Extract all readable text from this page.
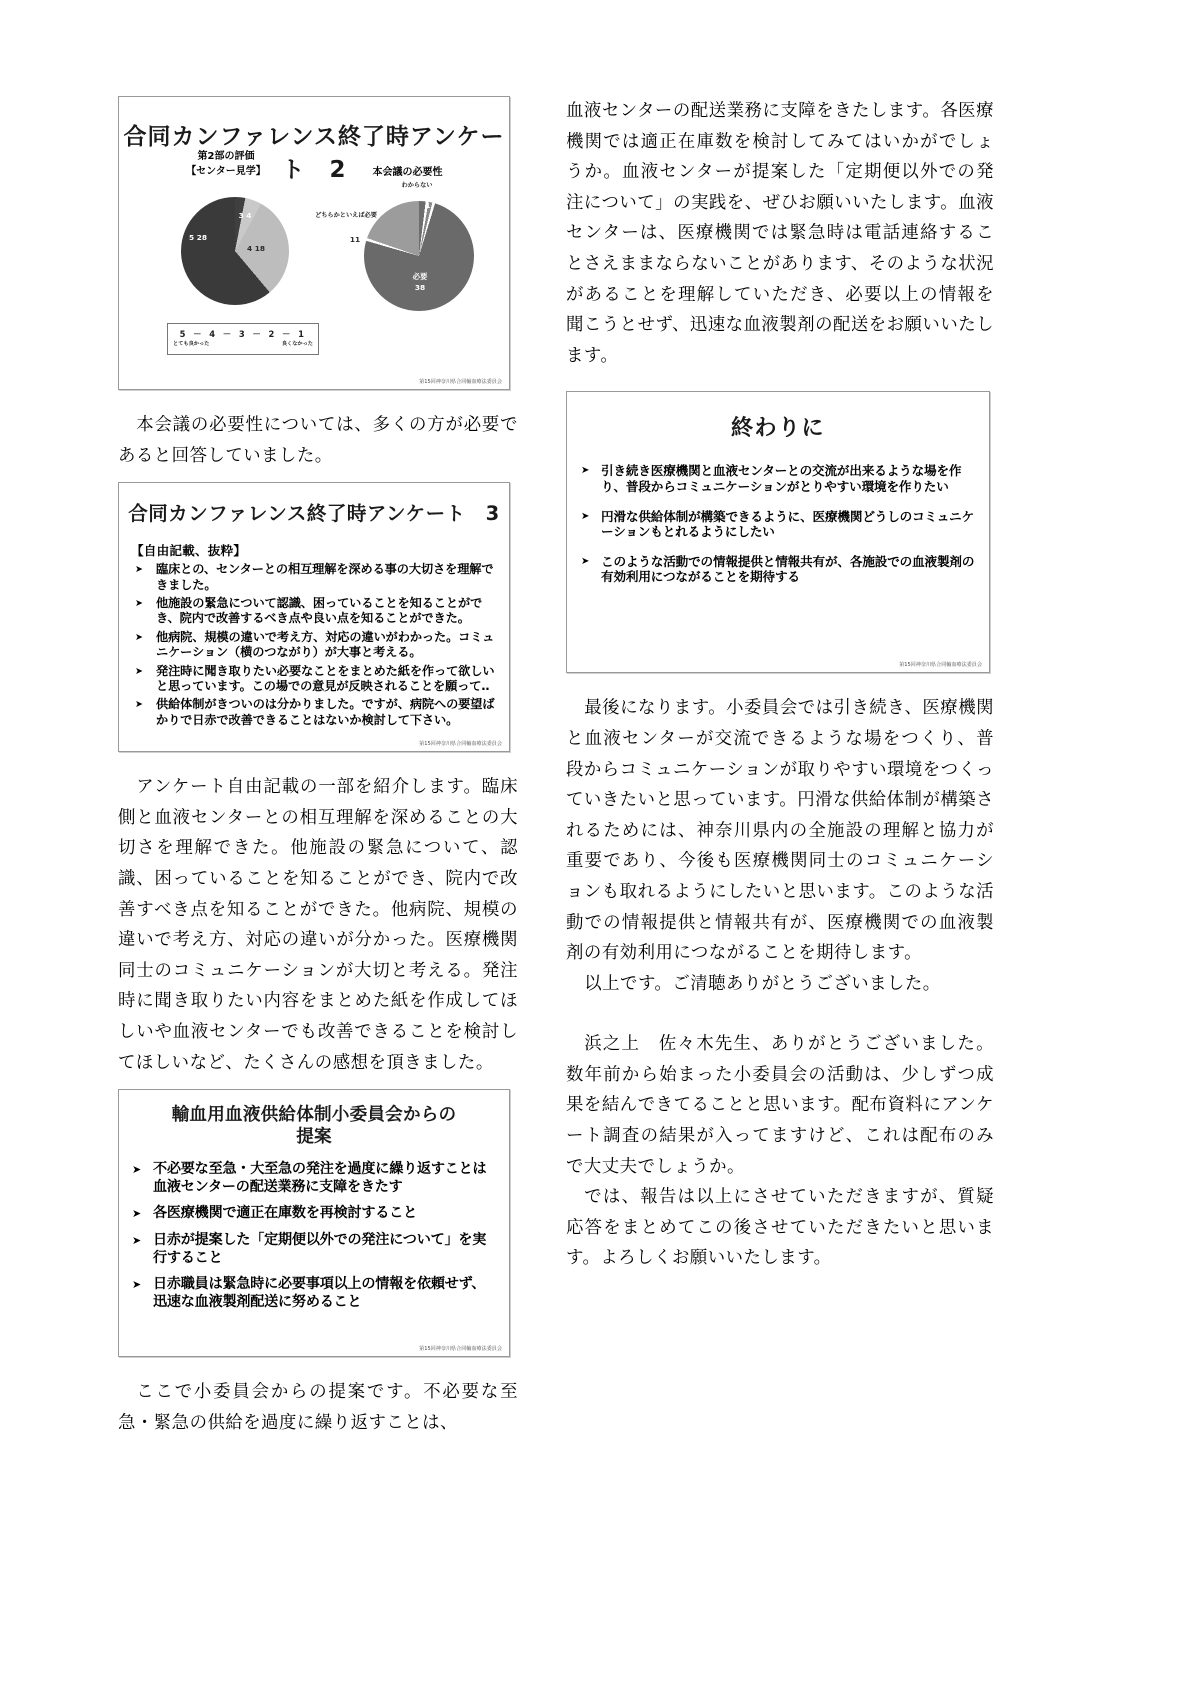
合同カンファレンス終了時アンケート　2
第2部の評価
【センター見学】	本会議の必要性
5 28
4 18
3 4
わからない
1
どちらかといえば必要
11
必要
38
5 － 4 － 3 － 2 － 1
とても良かった	良くなかった
第15回神奈川県合同輸血療法委員会

本会議の必要性については、多くの方が必要であると回答していました。

合同カンファレンス終了時アンケート　3
【自由記載、抜粋】
➤ 臨床との、センターとの相互理解を深める事の大切さを理解できました。
➤ 他施設の緊急について認識、困っていることを知ることができ、院内で改善するべき点や良い点を知ることができた。
➤ 他病院、規模の違いで考え方、対応の違いがわかった。コミュニケーション（横のつながり）が大事と考える。
➤ 発注時に聞き取りたい必要なことをまとめた紙を作って欲しいと思っています。この場での意見が反映されることを願って‥
➤ 供給体制がきついのは分かりました。ですが、病院への要望ばかりで日赤で改善できることはないか検討して下さい。
第15回神奈川県合同輸血療法委員会

アンケート自由記載の一部を紹介します。臨床側と血液センターとの相互理解を深めることの大切さを理解できた。他施設の緊急について、認識、困っていることを知ることができ、院内で改善すべき点を知ることができた。他病院、規模の違いで考え方、対応の違いが分かった。医療機関同士のコミュニケーションが大切と考える。発注時に聞き取りたい内容をまとめた紙を作成してほしいや血液センターでも改善できることを検討してほしいなど、たくさんの感想を頂きました。

輸血用血液供給体制小委員会からの
提案
➤ 不必要な至急・大至急の発注を過度に繰り返すことは血液センターの配送業務に支障をきたす
➤ 各医療機関で適正在庫数を再検討すること
➤ 日赤が提案した「定期便以外での発注について」を実行すること
➤ 日赤職員は緊急時に必要事項以上の情報を依頼せず、迅速な血液製剤配送に努めること
第15回神奈川県合同輸血療法委員会

ここで小委員会からの提案です。不必要な至急・緊急の供給を過度に繰り返すことは、

血液センターの配送業務に支障をきたします。各医療機関では適正在庫数を検討してみてはいかがでしょうか。血液センターが提案した「定期便以外での発注について」の実践を、ぜひお願いいたします。血液センターは、医療機関では緊急時は電話連絡することさえままならないことがあります、そのような状況があることを理解していただき、必要以上の情報を聞こうとせず、迅速な血液製剤の配送をお願いいたします。

終わりに
➤ 引き続き医療機関と血液センターとの交流が出来るような場を作り、普段からコミュニケーションがとりやすい環境を作りたい
➤ 円滑な供給体制が構築できるように、医療機関どうしのコミュニケーションもとれるようにしたい
➤ このような活動での情報提供と情報共有が、各施設での血液製剤の有効利用につながることを期待する
第15回神奈川県合同輸血療法委員会

最後になります。小委員会では引き続き、医療機関と血液センターが交流できるような場をつくり、普段からコミュニケーションが取りやすい環境をつくっていきたいと思っています。円滑な供給体制が構築されるためには、神奈川県内の全施設の理解と協力が重要であり、今後も医療機関同士のコミュニケーションも取れるようにしたいと思います。このような活動での情報提供と情報共有が、医療機関での血液製剤の有効利用につながることを期待します。

以上です。ご清聴ありがとうございました。

浜之上　佐々木先生、ありがとうございました。数年前から始まった小委員会の活動は、少しずつ成果を結んできてることと思います。配布資料にアンケート調査の結果が入ってますけど、これは配布のみで大丈夫でしょうか。

では、報告は以上にさせていただきますが、質疑応答をまとめてこの後させていただきたいと思います。よろしくお願いいたします。
